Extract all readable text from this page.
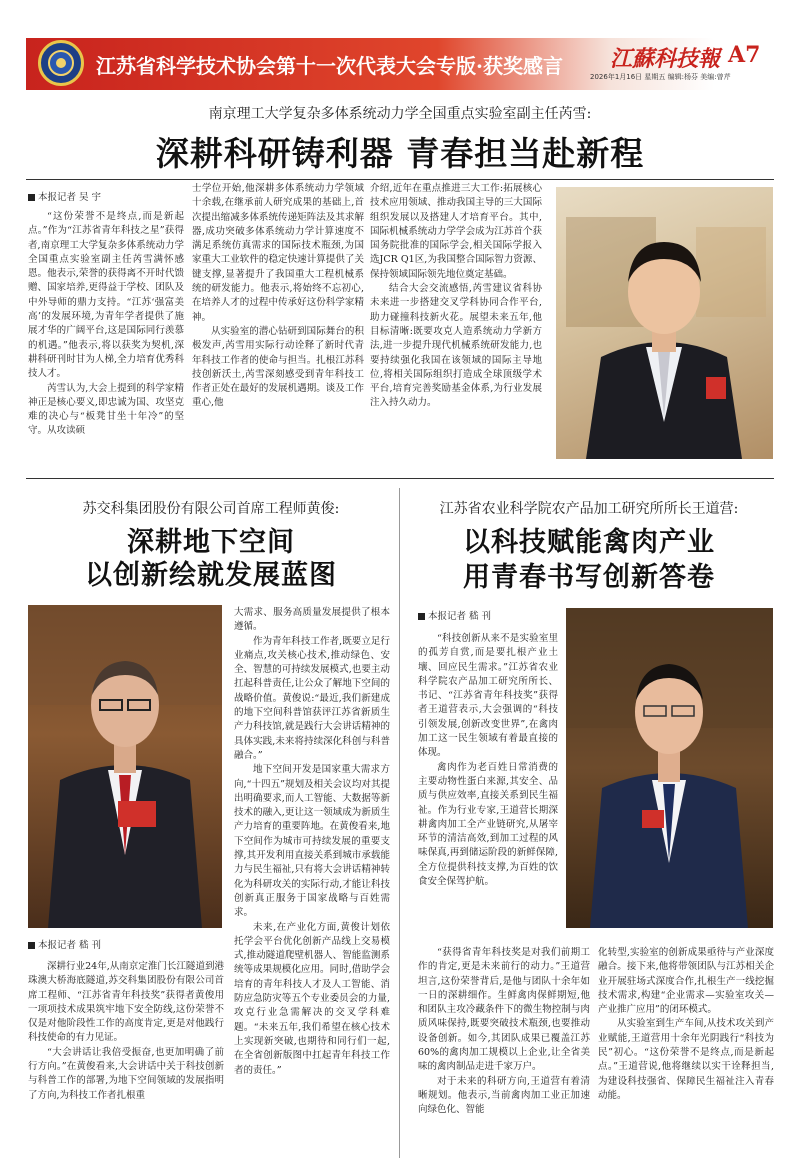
江苏省科学技术协会第十一次代表大会专版·获奖感言	江蘇科技報 A7
2026年1月16日 星期五 编辑:杨芬 美编:曾芹
南京理工大学复杂多体系统动力学全国重点实验室副主任芮雪:
深耕科研铸利器 青春担当赴新程
本报记者 吴 宇

“这份荣誉不是终点,而是新起点。”作为“江苏省青年科技之星”获得者,南京理工大学复杂多体系统动力学全国重点实验室副主任芮雪满怀感恩。他表示,荣誉的获得离不开时代馈赠、国家培养,更得益于学校、团队及中外导师的鼎力支持。“江苏‘强富美高’的发展环境,为青年学者提供了施展才华的广阔平台,这是国际同行羡慕的机遇。”他表示,将以获奖为契机,深耕科研刊时甘为人梯,全力培育优秀科技人才。

芮雪认为,大会上提到的科学家精神正是核心要义,即忠诚为国、攻坚克难的决心与“板凳甘坐十年冷”的坚守。从攻读硕

士学位开始,他深耕多体系统动力学领域十余载,在继承前人研究成果的基础上,首次提出缩减多体系统传递矩阵法及其求解器,成功突破多体系统动力学计算速度不满足系统仿真需求的国际技术瓶颈,为国家重大工业软件的稳定快速计算提供了关键支撑,显著提升了我国重大工程机械系统的研发能力。他表示,将始终不忘初心,在培养人才的过程中传承好这份科学家精神。

从实验室的潜心钻研到国际舞台的积极发声,芮雪用实际行动诠释了新时代青年科技工作者的使命与担当。扎根江苏科技创新沃土,芮雪深刻感受到青年科技工作者正处在最好的发展机遇期。谈及工作重心,他

介绍,近年在重点推进三大工作:拓展核心技术应用领域、推动我国主导的三大国际组织发展以及搭建人才培育平台。其中,国际机械系统动力学学会成为江苏首个获国务院批准的国际学会,相关国际学报入选JCR Q1区,为我国整合国际智力资源、保持领域国际领先地位奠定基础。

结合大会交流感悟,芮雪建议省科协未来进一步搭建交叉学科协同合作平台,助力碰撞科技新火花。展望未来五年,他目标清晰:既要攻克人造系统动力学新方法,进一步提升现代机械系统研发能力,也要持续强化我国在该领域的国际主导地位,将相关国际组织打造成全球顶级学术平台,培育完善奖励基金体系,为行业发展注入持久动力。

苏交科集团股份有限公司首席工程师黄俊:
深耕地下空间
以创新绘就发展蓝图

大需求、服务高质量发展提供了根本遵循。

作为青年科技工作者,既要立足行业痛点,攻关核心技术,推动绿色、安全、智慧的可持续发展模式,也要主动扛起科普责任,让公众了解地下空间的战略价值。黄俊说:“最近,我们新建成的地下空间科普馆获评江苏省新质生产力科技馆,就是践行大会讲话精神的具体实践,未来将持续深化科创与科普融合。”

地下空间开发是国家重大需求方向,“十四五”规划及相关会议均对其提出明确要求,而人工智能、大数据等新技术的融入,更让这一领域成为新质生产力培育的重要阵地。在黄俊看来,地下空间作为城市可持续发展的重要支撑,其开发利用直接关系到城市承载能力与民生福祉,只有将大会讲话精神转化为科研攻关的实际行动,才能让科技创新真正服务于国家战略与百姓需求。

未来,在产业化方面,黄俊计划依托学会平台优化创新产品线上交易模式,推动隧道爬壁机器人、智能监测系统等成果规模化应用。同时,借助学会培育的青年科技人才及人工智能、消防应急防灾等五个专业委员会的力量,攻克行业急需解决的交叉学科难题。“未来五年,我们希望在核心技术上实现新突破,也期待和同行们一起,在全省创新版图中扛起青年科技工作者的责任。”

本报记者 嵇 刊

深耕行业24年,从南京定淮门长江隧道到港珠澳大桥海底隧道,苏交科集团股份有限公司首席工程师、“江苏省青年科技奖”获得者黄俊用一项项技术成果筑牢地下安全防线,这份荣誉不仅是对他阶段性工作的高度肯定,更是对他践行科技使命的有力见证。

“大会讲话让我倍受振奋,也更加明确了前行方向。”在黄俊看来,大会讲话中关于科技创新与科普工作的部署,为地下空间领域的发展指明了方向,为科技工作者扎根重

江苏省农业科学院农产品加工研究所所长王道营:
以科技赋能禽肉产业
用青春书写创新答卷
本报记者 嵇 刊

“科技创新从来不是实验室里的孤芳自赏,而是要扎根产业土壤、回应民生需求。”江苏省农业科学院农产品加工研究所所长、书记、“江苏省青年科技奖”获得者王道营表示,大会强调的“科技引领发展,创新改变世界”,在禽肉加工这一民生领域有着最直接的体现。

禽肉作为老百姓日常消费的主要动物性蛋白来源,其安全、品质与供应效率,直接关系到民生福祉。作为行业专家,王道营长期深耕禽肉加工全产业链研究,从屠宰环节的清洁高效,到加工过程的风味保真,再到储运阶段的新鲜保障,全方位提供科技支撑,为百姓的饮食安全保驾护航。

“获得省青年科技奖是对我们前期工作的肯定,更是未来前行的动力。”王道营坦言,这份荣誉背后,是他与团队十余年如一日的深耕细作。生鲜禽肉保鲜期短,他和团队主攻冷藏条件下的微生物控制与肉质风味保持,既要突破技术瓶颈,也要推动设备创新。如今,其团队成果已覆盖江苏60%的禽肉加工规模以上企业,让全省美味的禽肉制品走进千家万户。

对于未来的科研方向,王道营有着清晰规划。他表示,当前禽肉加工业正加速向绿色化、智能

化转型,实验室的创新成果亟待与产业深度融合。接下来,他将带领团队与江苏相关企业开展驻场式深度合作,扎根生产一线挖掘技术需求,构建“企业需求—实验室攻关—产业推广应用”的闭环模式。

从实验室到生产车间,从技术攻关到产业赋能,王道营用十余年光阴践行“科技为民”初心。“这份荣誉不是终点,而是新起点。”王道营说,他将继续以实干诠释担当,为建设科技强省、保障民生福祉注入青春动能。
